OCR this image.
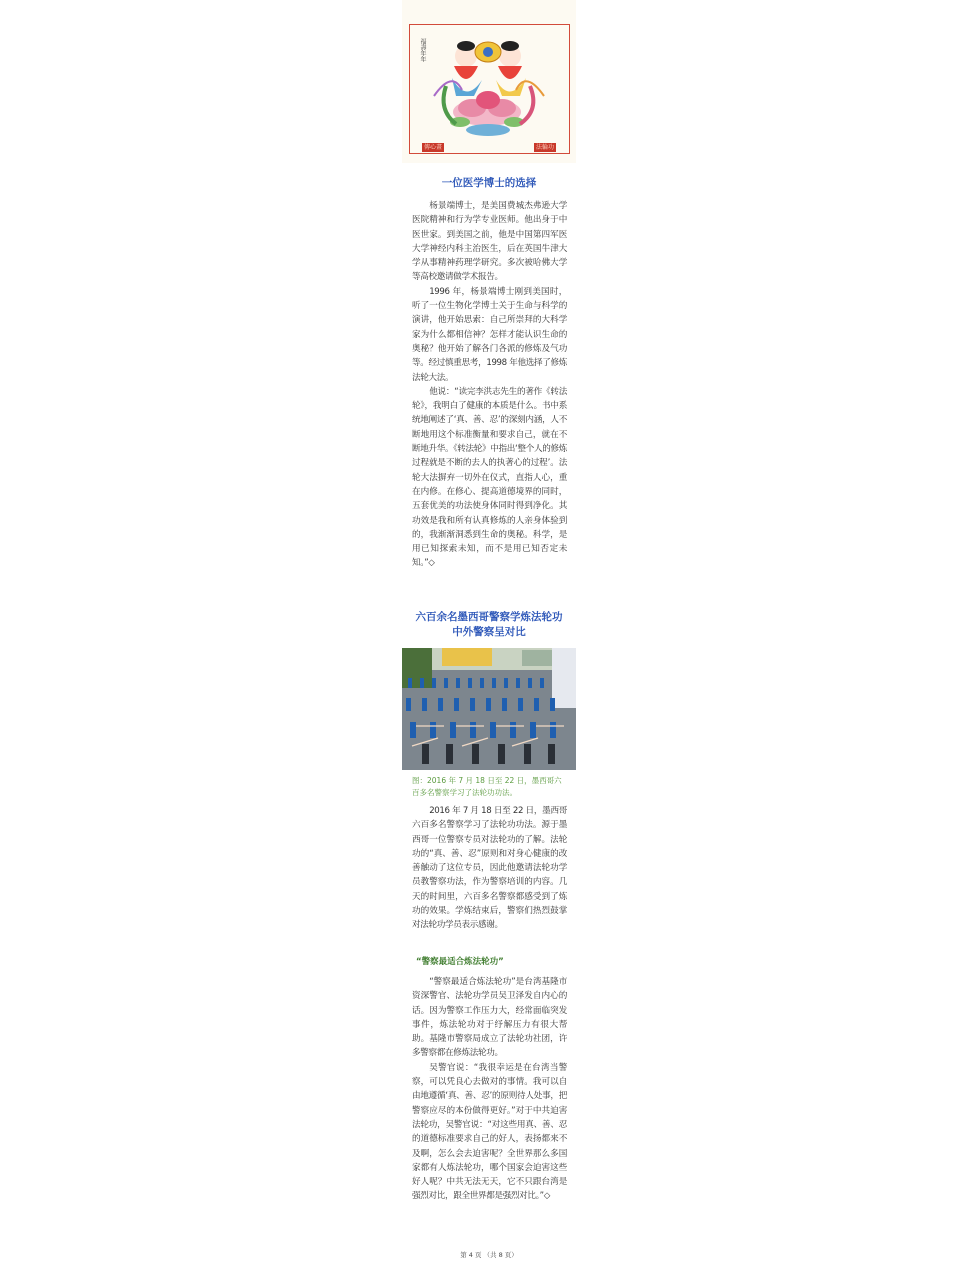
福壽年年
傳心畫	法輪功
一位医学博士的选择

杨景端博士，是美国费城杰弗逊大学医院精神和行为学专业医师。他出身于中医世家。到美国之前，他是中国第四军医大学神经内科主治医生，后在英国牛津大学从事精神药理学研究。多次被哈佛大学等高校邀请做学术报告。

1996 年，杨景端博士刚到美国时，听了一位生物化学博士关于生命与科学的演讲，他开始思索：自己所崇拜的大科学家为什么都相信神？怎样才能认识生命的奥秘？他开始了解各门各派的修炼及气功等。经过慎重思考，1998 年他选择了修炼法轮大法。

他说：“读完李洪志先生的著作《转法轮》，我明白了健康的本质是什么。书中系统地阐述了‘真、善、忍’的深刻内涵，人不断地用这个标准衡量和要求自己，就在不断地升华。《转法轮》中指出‘整个人的修炼过程就是不断的去人的执著心的过程’。法轮大法摒弃一切外在仪式，直指人心，重在内修。在修心、提高道德境界的同时，五套优美的功法使身体同时得到净化。其功效是我和所有认真修炼的人亲身体验到的，我渐渐洞悉到生命的奥秘。科学，是用已知探索未知，而不是用已知否定未知。”◇

六百余名墨西哥警察学炼法轮功
中外警察呈对比
图：2016 年 7 月 18 日至 22 日，墨西哥六百多名警察学习了法轮功功法。

2016 年 7 月 18 日至 22 日，墨西哥六百多名警察学习了法轮功功法。源于墨西哥一位警察专员对法轮功的了解。法轮功的“真、善、忍”原则和对身心健康的改善触动了这位专员，因此他邀请法轮功学员教警察功法，作为警察培训的内容。几天的时间里，六百多名警察都感受到了炼功的效果。学炼结束后，警察们热烈鼓掌对法轮功学员表示感谢。

“警察最适合炼法轮功”

“警察最适合炼法轮功”是台湾基隆市资深警官、法轮功学员吴卫泽发自内心的话。因为警察工作压力大，经常面临突发事件，炼法轮功对于纾解压力有很大帮助。基隆市警察局成立了法轮功社团，许多警察都在修炼法轮功。

吴警官说：“我很幸运是在台湾当警察，可以凭良心去做对的事情。我可以自由地遵循‘真、善、忍’的原则待人处事，把警察应尽的本份做得更好。”对于中共迫害法轮功，吴警官说：“对这些用真、善、忍的道德标准要求自己的好人，表扬都来不及啊，怎么会去迫害呢？全世界那么多国家都有人炼法轮功，哪个国家会迫害这些好人呢？中共无法无天，它不只跟台湾是强烈对比，跟全世界都是强烈对比。”◇

第 4 页 （共 8 页）
